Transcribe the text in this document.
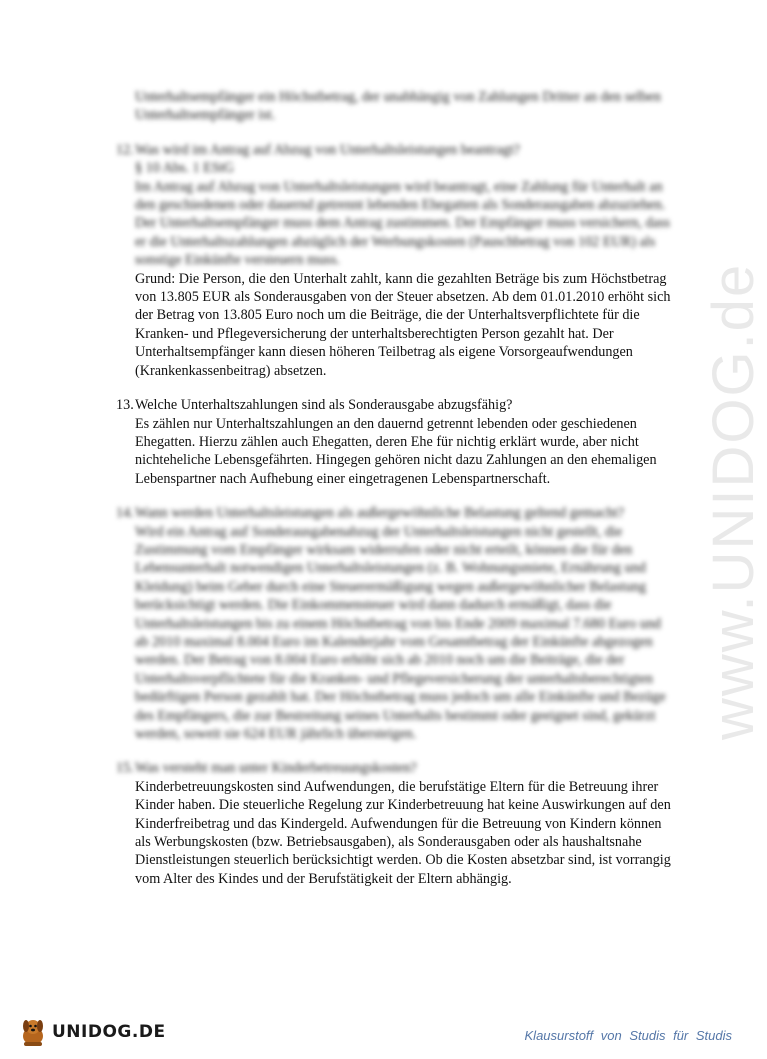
www.UNIDOG.de

Unterhaltsempfänger ein Höchstbetrag, der unabhängig von Zahlungen Dritter an den selben Unterhaltsempfänger ist.

12. Was wird im Antrag auf Abzug von Unterhaltsleistungen beantragt?

§ 10 Abs. 1 EStG
Im Antrag auf Abzug von Unterhaltsleistungen wird beantragt, eine Zahlung für Unterhalt an den geschiedenen oder dauernd getrennt lebenden Ehegatten als Sonderausgaben abzuziehen. Der Unterhaltsempfänger muss dem Antrag zustimmen. Der Empfänger muss versichern, dass er die Unterhaltszahlungen abzüglich der Werbungskosten (Pauschbetrag von 102 EUR) als sonstige Einkünfte versteuern muss.

Grund: Die Person, die den Unterhalt zahlt, kann die gezahlten Beträge bis zum Höchstbetrag von 13.805 EUR als Sonderausgaben von der Steuer absetzen. Ab dem 01.01.2010 erhöht sich der Betrag von 13.805 Euro noch um die Beiträge, die der Unterhaltsverpflichtete für die Kranken- und Pflegeversicherung der unterhaltsberechtigten Person gezahlt hat. Der Unterhaltsempfänger kann diesen höheren Teilbetrag als eigene Vorsorgeaufwendungen (Krankenkassenbeitrag) absetzen.

13. Welche Unterhaltszahlungen sind als Sonderausgabe abzugsfähig?

Es zählen nur Unterhaltszahlungen an den dauernd getrennt lebenden oder geschiedenen Ehegatten. Hierzu zählen auch Ehegatten, deren Ehe für nichtig erklärt wurde, aber nicht nichteheliche Lebensgefährten. Hingegen gehören nicht dazu Zahlungen an den ehemaligen Lebenspartner nach Aufhebung einer eingetragenen Lebenspartnerschaft.

14. Wann werden Unterhaltsleistungen als außergewöhnliche Belastung geltend gemacht?

Wird ein Antrag auf Sonderausgabenabzug der Unterhaltsleistungen nicht gestellt, die Zustimmung vom Empfänger wirksam widerrufen oder nicht erteilt, können die für den Lebensunterhalt notwendigen Unterhaltsleistungen (z. B. Wohnungsmiete, Ernährung und Kleidung) beim Geber durch eine Steuerermäßigung wegen außergewöhnlicher Belastung berücksichtigt werden. Die Einkommensteuer wird dann dadurch ermäßigt, dass die Unterhaltsleistungen bis zu einem Höchstbetrag von bis Ende 2009 maximal 7.680 Euro und ab 2010 maximal 8.004 Euro im Kalenderjahr vom Gesamtbetrag der Einkünfte abgezogen werden. Der Betrag von 8.004 Euro erhöht sich ab 2010 noch um die Beiträge, die der Unterhaltsverpflichtete für die Kranken- und Pflegeversicherung der unterhaltsberechtigten bedürftigen Person gezahlt hat. Der Höchstbetrag muss jedoch um alle Einkünfte und Bezüge des Empfängers, die zur Bestreitung seines Unterhalts bestimmt oder geeignet sind, gekürzt werden, soweit sie 624 EUR jährlich übersteigen.

15. Was versteht man unter Kinderbetreuungskosten?

Kinderbetreuungskosten sind Aufwendungen, die berufstätige Eltern für die Betreuung ihrer Kinder haben. Die steuerliche Regelung zur Kinderbetreuung hat keine Auswirkungen auf den Kinderfreibetrag und das Kindergeld. Aufwendungen für die Betreuung von Kindern können als Werbungskosten (bzw. Betriebsausgaben), als Sonderausgaben oder als haushaltsnahe Dienstleistungen steuerlich berücksichtigt werden. Ob die Kosten absetzbar sind, ist vorrangig vom Alter des Kindes und der Berufstätigkeit der Eltern abhängig.

UNIDOG.DE	Klausurstoff von Studis für Studis
